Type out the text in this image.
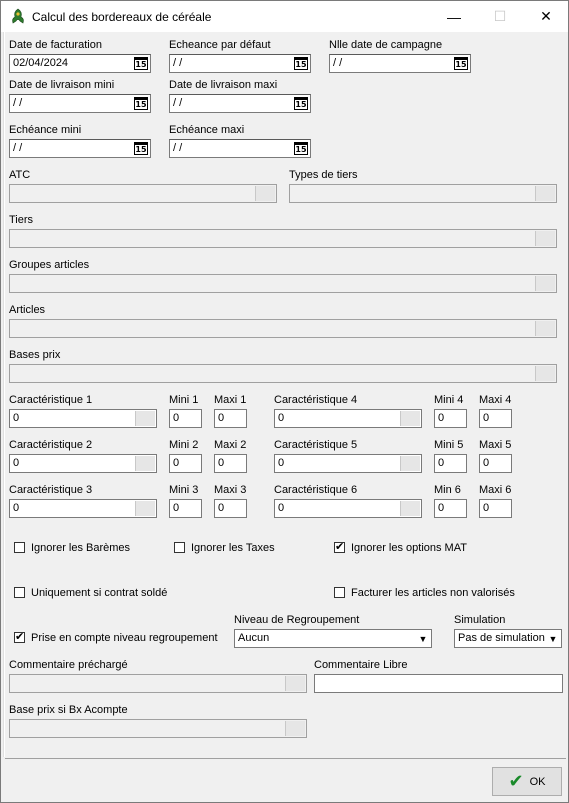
Calcul des bordereaux de céréale	— ☐ ✕
Date de facturation
02/04/2024	15
Echeance par défaut
/ /	15
Nlle date de campagne
/ /	15
Date de livraison mini
/ /	15
Date de livraison maxi
/ /	15
Echéance mini
/ /	15
Echéance maxi
/ /	15
ATC	Types de tiers
Tiers
Groupes articles
Articles
Bases prix
Caractéristique 1	Mini 1 Maxi 1
0	0	0
Caractéristique 2	Mini 2 Maxi 2
0	0	0
Caractéristique 3	Mini 3 Maxi 3
0	0	0
Caractéristique 4	Mini 4 Maxi 4
0	0	0
Caractéristique 5	Mini 5 Maxi 5
0	0	0
Caractéristique 6	Min 6 Maxi 6
0	0	0
Ignorer les Barèmes	Ignorer les Taxes	✔ Ignorer les options MAT
Uniquement si contrat soldé	Facturer les articles non valorisés
✔ Prise en compte niveau regroupement
Niveau de Regroupement
Aucun	▼
Simulation
Pas de simulation ▼
Commentaire préchargé	Commentaire Libre
Base prix si Bx Acompte
✔ OK
